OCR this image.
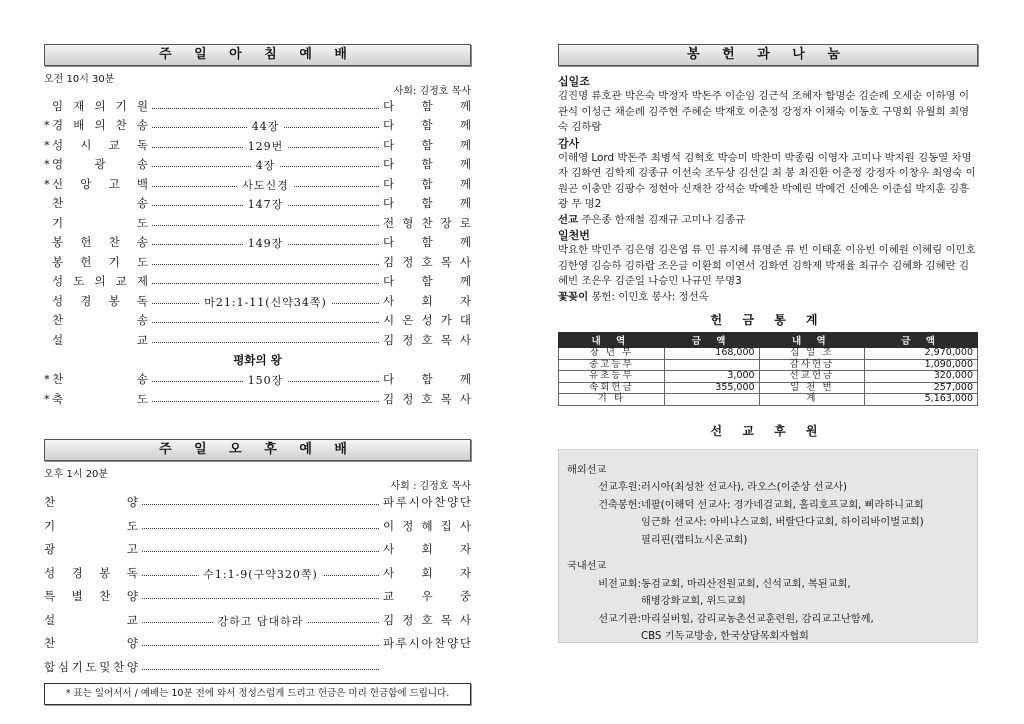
주 일 아 침 예 배
오전 10시 30분
사회: 김정호 목사
임 재 의 기 원	다 함 께
* 경 배 의 찬 송	44장	다 함 께
* 성 시 교 독	129번	다 함 께
* 영	광	송	4장	다 함 께
* 신 앙 고 백	사도신경	다 함 께
찬	송	147장	다 함 께
기	도	전 형 찬 장 로
봉 헌 찬 송	149장	다 함 께
봉 헌 기 도	김 정 호 목 사
성 도 의 교 제	다 함 께
성 경 봉 독	마21:1-11(신약34쪽)	사 회 자
찬	송	시 온 성 가 대
설	교	김 정 호 목 사
평화의 왕
* 찬	송	150장	다 함 께
* 축	도	김 정 호 목 사
주 일 오 후 예 배
오후 1시 20분
사회 : 김정호 목사
찬	양	파 루 시 아 찬 양 단
기	도	이 정 혜 집 사
광	고	사 회 자
성 경 봉 독	수1:1-9(구약320쪽)	사 회 자
특 별 찬 양	교 우 중
설	교	강하고 담대하라	김 정 호 목 사
찬	양	파 루 시 아 찬 양 단
합 심 기 도 및 찬 양
* 표는 일어서서 / 예배는 10분 전에 와서 정성스럽게 드리고 헌금은 미리 헌금함에 드립니다.
봉 헌 과 나 눔

십일조

김진명 류호관 박은숙 박정자 박돈주 이순임 김근석 조혜자 함명순 김순례 오세순 이하영 이관식 이성근 채순례 김주현 주혜순 박재호 이춘정 강정자 이채숙 이동호 구명희 유월희 최영숙 김하람

감사

이해영 Lord 박돈주 최병석 김혁호 박승미 박찬미 박종림 이영자 고미나 박지원 김동열 차명자 김화연 김학제 김종규 이선숙 조두상 김선길 최 봉 최진환 이춘정 강정자 이창우 최영숙 이원곤 이충만 김팡수 정현아 신재찬 강석순 박예찬 박예린 박예건 신예은 이준십 박지훈 김흥광 무 명2

선교 주은종 한재철 김재규 고미나 김종규

일천번

박요한 박민주 김은영 김은엽 류 민 류지혜 류영준 류 빈 이태훈 이유빈 이혜원 이혜림 이민호 김한영 김승하 김하랍 조은글 이환희 이연서 김화연 김학제 박재율 최규수 김혜화 김혜란 김혜빈 조은우 김준일 나승민 나규민 무명3

꽃꽂이 봉헌: 이민호 봉사: 정선옥

헌 금 통 계
내 역	금 액	내 역	금 액
장 년 부	168,000	십 일 조	2,970,000
중고등부		감사헌금	1,090,000
유초등부	3,000	선교헌금	320,000
속회헌금	355,000	일 천 번	257,000
기 타		계	5,163,000
선 교 후 원
해외선교
선교후원: 러시아(최성찬 선교사), 라오스(이준상 선교사)
건축봉헌: 네팔(이해덕 선교사: 경가네걸교회, 홀리호프교회, 삐라하니교회
임근화 선교사: 아비나스교회, 버랄단다교회, 하이리바이벌교회)
필리핀(캡티뇨시온교회)
국내선교
비전교회: 동검교회, 마리산전원교회, 신석교회, 복된교회,
해병강화교회, 위드교회
선교기관: 마리실버힐, 감리교농촌선교훈련원, 감리교고난함께,
CBS 기독교방송, 한국상담목회자협회
